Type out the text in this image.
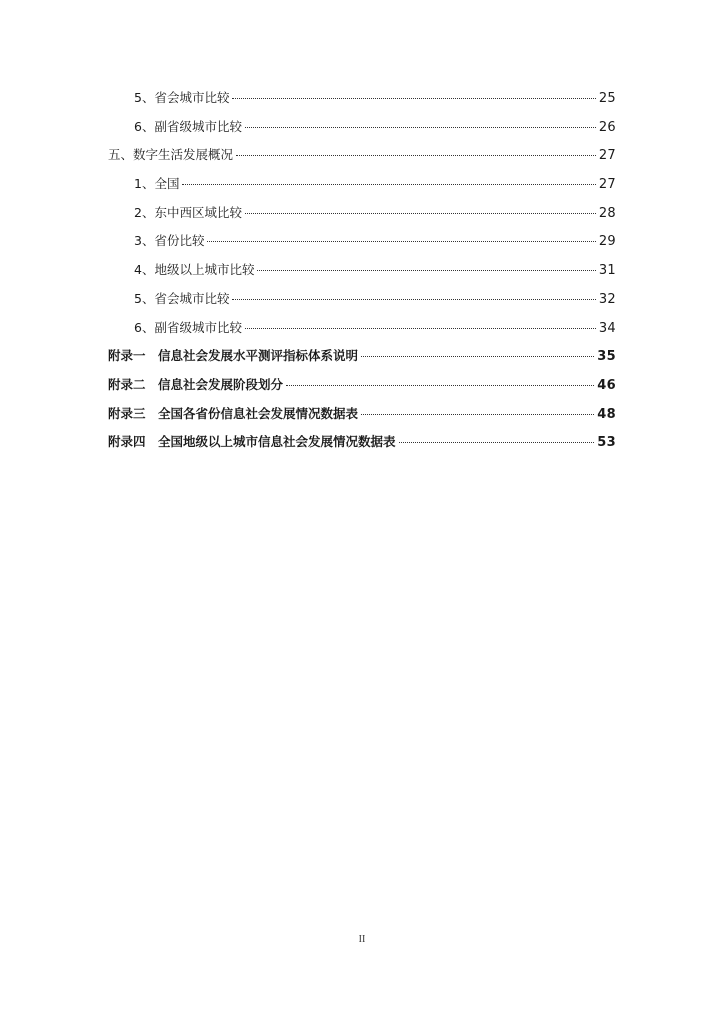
5、省会城市比较	25
6、副省级城市比较	26
五、数字生活发展概况	27
1、全国	27
2、东中西区域比较	28
3、省份比较	29
4、地级以上城市比较	31
5、省会城市比较	32
6、副省级城市比较	34
附录一　信息社会发展水平测评指标体系说明	35
附录二　信息社会发展阶段划分	46
附录三　全国各省份信息社会发展情况数据表	48
附录四　全国地级以上城市信息社会发展情况数据表	53
II
